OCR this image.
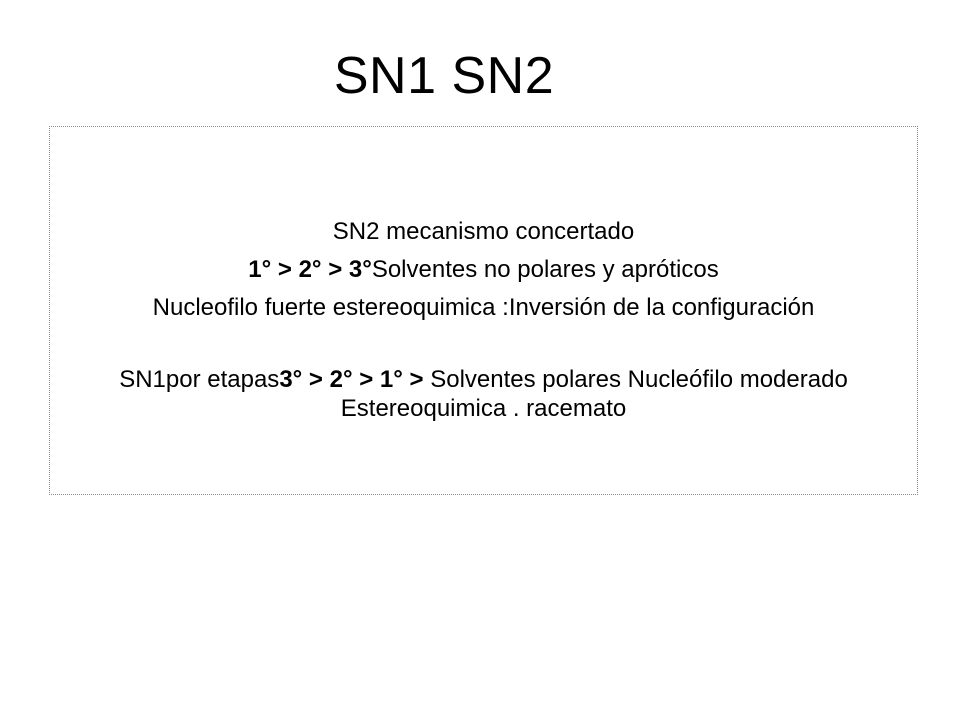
SN1 SN2

SN2 mecanismo concertado

1° > 2° > 3°Solventes no polares y apróticos

Nucleofilo fuerte estereoquimica :Inversión de la configuración

SN1por etapas3° > 2° > 1° > Solventes polares Nucleófilo moderado Estereoquimica . racemato
